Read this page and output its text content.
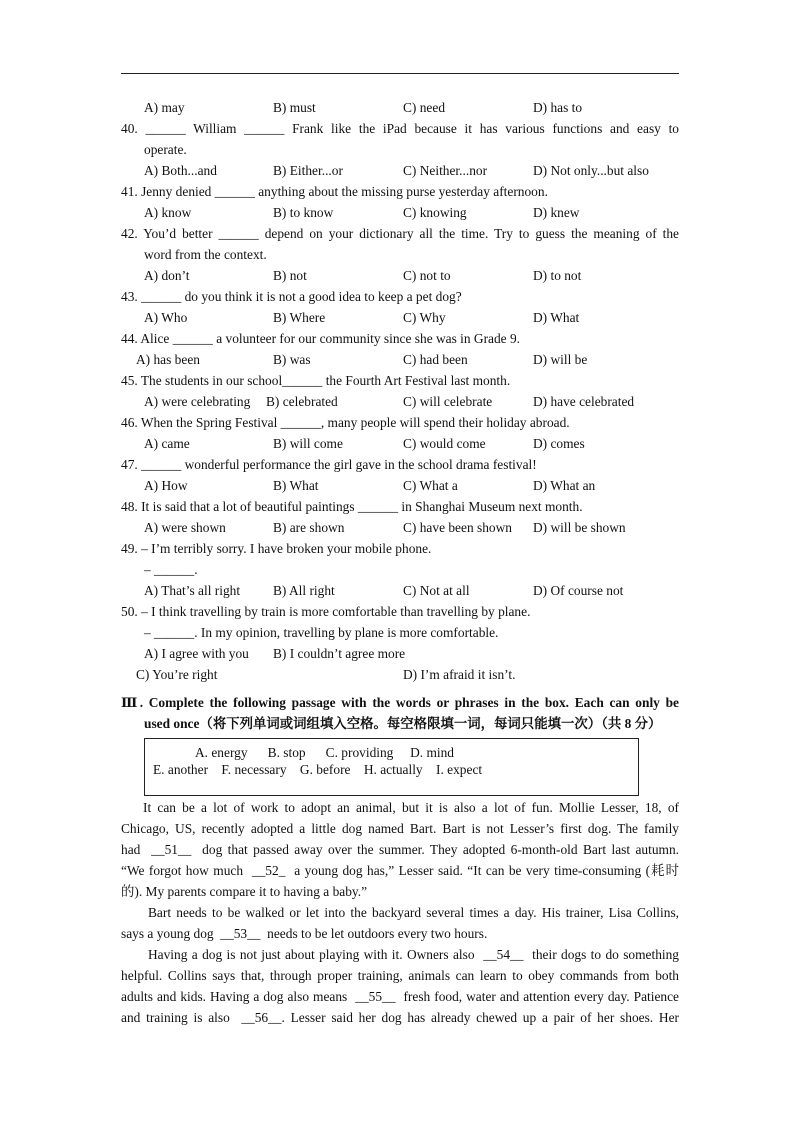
A) may	B) must	C) need	D) has to
40. ______ William ______ Frank like the iPad because it has various functions and easy to
operate.
A) Both...and	B) Either...or	C) Neither...nor	D) Not only...but also
41. Jenny denied ______ anything about the missing purse yesterday afternoon.
A) know	B) to know	C) knowing	D) knew
42. You’d better ______ depend on your dictionary all the time. Try to guess the meaning of the
word from the context.
A) don’t	B) not	C) not to	D) to not
43. ______ do you think it is not a good idea to keep a pet dog?
A) Who	B) Where	C) Why	D) What
44. Alice ______ a volunteer for our community since she was in Grade 9.
A) has been	B) was	C) had been	D) will be
45. The students in our school______ the Fourth Art Festival last month.
A) were celebrating B) celebrated	C) will celebrate	D) have celebrated
46. When the Spring Festival ______, many people will spend their holiday abroad.
A) came	B) will come	C) would come	D) comes
47. ______ wonderful performance the girl gave in the school drama festival!
A) How	B) What	C) What a	D) What an
48. It is said that a lot of beautiful paintings ______ in Shanghai Museum next month.
A) were shown	B) are shown	C) have been shown D) will be shown
49. – I’m terribly sorry. I have broken your mobile phone.
– ______.
A) That’s all right B) All right	C) Not at all	D) Of course not
50. – I think travelling by train is more comfortable than travelling by plane.
– ______. In my opinion, travelling by plane is more comfortable.
A) I agree with you B) I couldn’t agree more
C) You’re right	D) I’m afraid it isn’t.
Ⅲ. Complete the following passage with the words or phrases in the box. Each can only be
used once（将下列单词或词组填入空格。每空格限填一词，每词只能填一次）（共 8 分）
A. energy      B. stop      C. providing     D. mind
E. another    F. necessary    G. before    H. actually    I. expect
It can be a lot of work to adopt an animal, but it is also a lot of fun. Mollie Lesser, 18, of
Chicago, US, recently adopted a little dog named Bart. Bart is not Lesser’s first dog. The family
had  __51__  dog that passed away over the summer. They adopted 6-month-old Bart last autumn.
“We forgot how much  __52_  a young dog has,” Lesser said. “It can be very time-consuming (耗时
的). My parents compare it to having a baby.”
Bart needs to be walked or let into the backyard several times a day. His trainer, Lisa Collins,
says a young dog  __53__  needs to be let outdoors every two hours.
Having a dog is not just about playing with it. Owners also  __54__  their dogs to do something
helpful. Collins says that, through proper training, animals can learn to obey commands from both
adults and kids. Having a dog also means  __55__  fresh food, water and attention every day. Patience
and training is also  __56__. Lesser said her dog has already chewed up a pair of her shoes. Her
